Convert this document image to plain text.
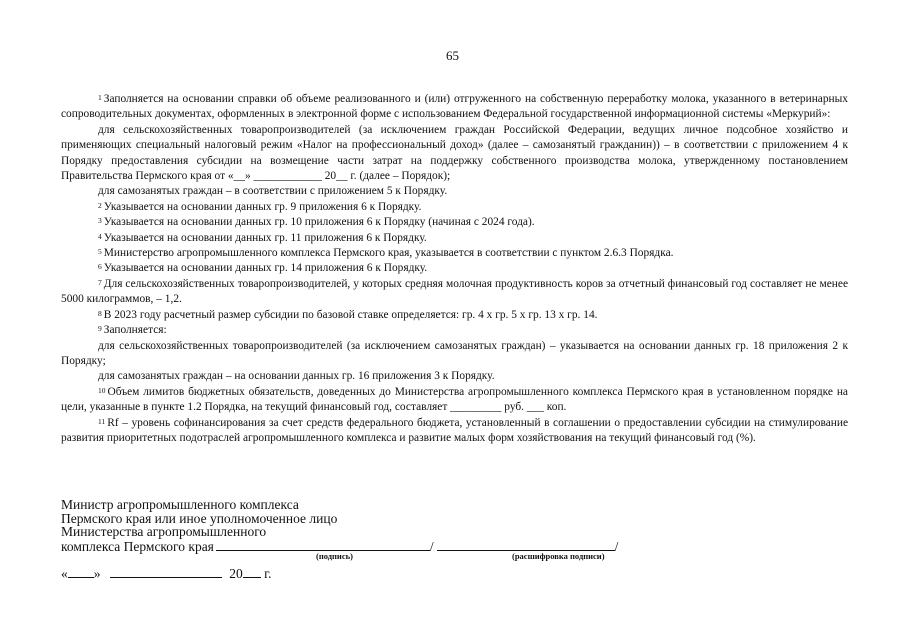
65

$^1$ Заполняется на основании справки об объеме реализованного и (или) отгруженного на собственную переработку молока, указанного в ветеринарных сопроводительных документах, оформленных в электронной форме с использованием Федеральной государственной информационной системы «Меркурий»:

для сельскохозяйственных товаропроизводителей (за исключением граждан Российской Федерации, ведущих личное подсобное хозяйство и применяющих специальный налоговый режим «Налог на профессиональный доход» (далее – самозанятый гражданин)) – в соответствии с приложением 4 к Порядку предоставления субсидии на возмещение части затрат на поддержку собственного производства молока, утвержденному постановлением Правительства Пермского края от «__» ____________ 20__ г. (далее – Порядок);

для самозанятых граждан – в соответствии с приложением 5 к Порядку.

$^2$ Указывается на основании данных гр. 9 приложения 6 к Порядку.

$^3$ Указывается на основании данных гр. 10 приложения 6 к Порядку (начиная с 2024 года).

$^4$ Указывается на основании данных гр. 11 приложения 6 к Порядку.

$^5$ Министерство агропромышленного комплекса Пермского края, указывается в соответствии с пунктом 2.6.3 Порядка.

$^6$ Указывается на основании данных гр. 14 приложения 6 к Порядку.

$^7$ Для сельскохозяйственных товаропроизводителей, у которых средняя молочная продуктивность коров за отчетный финансовый год составляет не менее 5000 килограммов, – 1,2.

$^8$ В 2023 году расчетный размер субсидии по базовой ставке определяется: гр. 4 х гр. 5 х гр. 13 х гр. 14.

$^9$ Заполняется:

для сельскохозяйственных товаропроизводителей (за исключением самозанятых граждан) – указывается на основании данных гр. 18 приложения 2 к Порядку;

для самозанятых граждан – на основании данных гр. 16 приложения 3 к Порядку.

$^{10}$ Объем лимитов бюджетных обязательств, доведенных до Министерства агропромышленного комплекса Пермского края в установленном порядке на цели, указанные в пункте 1.2 Порядка, на текущий финансовый год, составляет _________ руб. ___ коп.

$^{11}$ Rf – уровень софинансирования за счет средств федерального бюджета, установленный в соглашении о предоставлении субсидии на стимулирование развития приоритетных подотраслей агропромышленного комплекса и развитие малых форм хозяйствования на текущий финансовый год (%).

Министр агропромышленного комплекса
Пермского края или иное уполномоченное лицо
Министерства агропромышленного
комплекса Пермского края	/	/
(подпись)	(расшифровка подписи)
« »	20 г.
